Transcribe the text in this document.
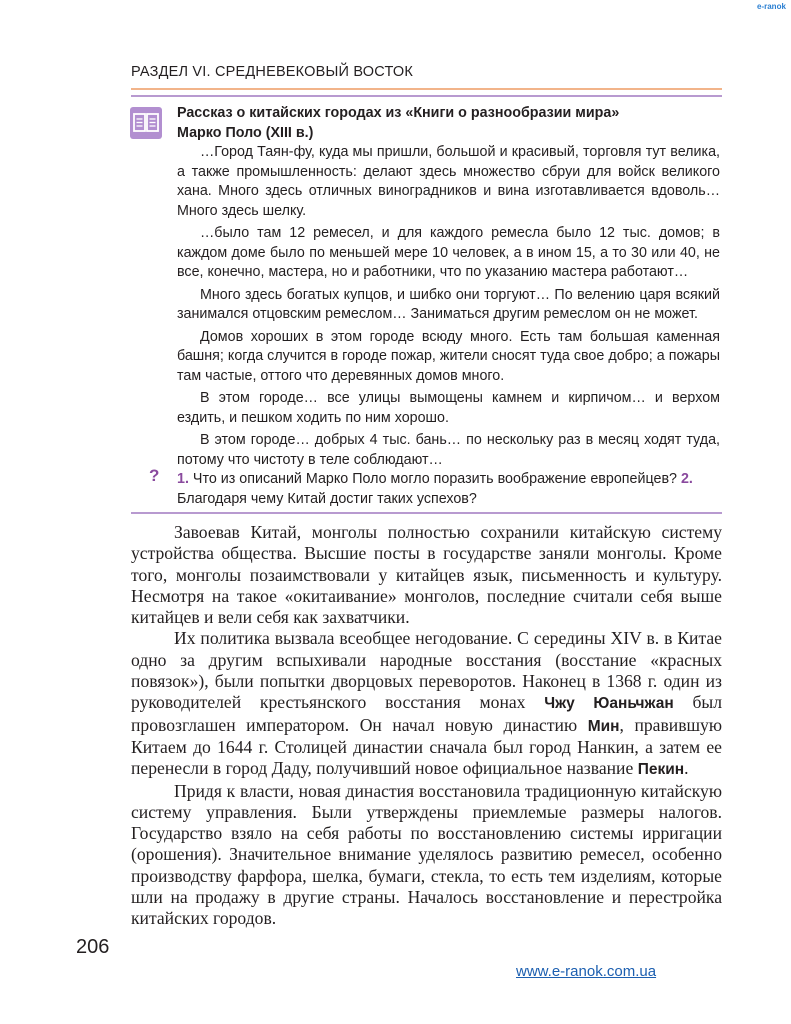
e-ranok
РАЗДЕЛ VI. СРЕДНЕВЕКОВЫЙ ВОСТОК
Рассказ о китайских городах из «Книги о разнообразии мира»
Марко Поло (XIII в.)

…Город Таян-фу, куда мы пришли, большой и красивый, торговля тут велика, а также промышленность: делают здесь множество сбруи для войск великого хана. Много здесь отличных виноградников и вина изготавливается вдоволь… Много здесь шелку.

…было там 12 ремесел, и для каждого ремесла было 12 тыс. домов; в каждом доме было по меньшей мере 10 человек, а в ином 15, а то 30 или 40, не все, конечно, мастера, но и работники, что по указанию мастера работают…

Много здесь богатых купцов, и шибко они торгуют… По велению царя всякий занимался отцовским ремеслом… Заниматься другим ремеслом он не может.

Домов хороших в этом городе всюду много. Есть там большая каменная башня; когда случится в городе пожар, жители сносят туда свое добро; а пожары там частые, оттого что деревянных домов много.

В этом городе… все улицы вымощены камнем и кирпичом… и верхом ездить, и пешком ходить по ним хорошо.

В этом городе… добрых 4 тыс. бань… по нескольку раз в месяц ходят туда, потому что чистоту в теле соблюдают…

? 1. Что из описаний Марко Поло могло поразить воображение европейцев? 2. Благодаря чему Китай достиг таких успехов?

Завоевав Китай, монголы полностью сохранили китайскую систему устройства общества. Высшие посты в государстве заняли монголы. Кроме того, монголы позаимствовали у китайцев язык, письменность и культуру. Несмотря на такое «окитаивание» монголов, последние считали себя выше китайцев и вели себя как захватчики.

Их политика вызвала всеобщее негодование. С середины XIV в. в Китае одно за другим вспыхивали народные восстания (восстание «красных повязок»), были попытки дворцовых переворотов. Наконец в 1368 г. один из руководителей крестьянского восстания монах Чжу Юаньчжан был провозглашен императором. Он начал новую династию Мин, правившую Китаем до 1644 г. Столицей династии сначала был город Нанкин, а затем ее перенесли в город Даду, получивший новое официальное название Пекин.

Придя к власти, новая династия восстановила традиционную китайскую систему управления. Были утверждены приемлемые размеры налогов. Государство взяло на себя работы по восстановлению системы ирригации (орошения). Значительное внимание уделялось развитию ремесел, особенно производству фарфора, шелка, бумаги, стекла, то есть тем изделиям, которые шли на продажу в другие страны. Началось восстановление и перестройка китайских городов.

206
www.e-ranok.com.ua
